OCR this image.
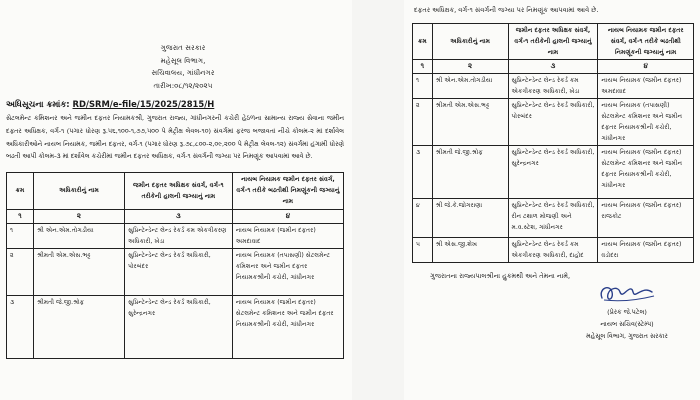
ગુજરાત સરકાર
મહેસૂલ વિભાગ,
સચિવાલય, ગાંધીનગર
તારીખ:૦૮/૧૨/૨૦૨૫
અધિસૂચના ક્રમાંક: RD/SRM/e-file/15/2025/2815/H
સેટલમેન્ટ કમિશનર અને જમીન દફતર નિયામકશ્રી, ગુજરાત રાજ્ય, ગાંધીનગરની કચેરી હેઠળના સામાન્ય રાજ્ય સેવાના જમીન દફતર અધિક્ષક, વર્ગ-૧ (પગાર ધોરણ રૂ.૫૬,૧૦૦-૧,૭૭,૫૦૦ પે મેટ્રીક્ષ લેવલ-૧૦) સંવર્ગમાં ફરજ બજાવતાં નીચે કોલમ-૨ માં દર્શાવેલ અધિકારીઓને નાયબ નિયામક, જમીન દફતર, વર્ગ-૧ (પગાર ધોરણ રૂ.૭૮,૮૦૦-૨,૦૯,૨૦૦ પે મેટ્રીક્ષ લેવલ-૧૨) સંવર્ગમાં હંગામી ધોરણે બઢતી આપી કોલમ-૩ માં દર્શાવેલ કચેરીમાં જમીન દફતર અધિક્ષક, વર્ગ-૧ સંવર્ગની જગ્યા પર નિમણૂંક આપવામાં આવે છે.
ક્રમ	અધિકારીનું નામ	જમીન દફતર અધિક્ષક સંવર્ગ, વર્ગ-૧ તરીકેની હાલની જગ્યાનું નામ	નાયબ નિયામક જમીન દફતર સંવર્ગ, વર્ગ-૧ તરીકે બઢતીથી નિમણૂંકની જગ્યાનું નામ
૧	૨	૩	૪
૧	શ્રી એન.એમ.તોગડીયા	સુપ્રિન્ટેન્ડેન્ટ લેન્ડ રેકર્ડ કમ એકત્રીકરણ અધિકારી, ખેડા	નાયબ નિયામક (જમીન દફતર) અમદાવાદ
૨	શ્રીમતી એમ.એસ.ભટ્ટ	સુપ્રિન્ટેન્ડેન્ટ લેન્ડ રેકર્ડ અધિકારી, પોરબંદર	નાયબ નિયામક (તપાસણી) સેટલમેન્ટ કમિશનર અને જમીન દફતર નિયામકશ્રીની કચેરી, ગાંધીનગર
૩	શ્રીમતી જે.જી.શ્રોફ	સુપ્રિન્ટેન્ડેન્ટ લેન્ડ રેકર્ડ અધિકારી, સુરેન્દ્રનગર	નાયબ નિયામક (જમીન દફતર) સેટલમેન્ટ કમિશનર અને જમીન દફતર નિયામકશ્રીની કચેરી, ગાંધીનગર
દફતર અધિક્ષક, વર્ગ-૧ સંવર્ગની જગ્યા પર નિમણૂંક આપવામાં આવે છે.
ક્રમ	અધિકારીનું નામ	જમીન દફતર અધિક્ષક સંવર્ગ, વર્ગ-૧ તરીકેની હાલની જગ્યાનું નામ	નાયબ નિયામક જમીન દફતર સંવર્ગ, વર્ગ-૧ તરીકે બઢતીથી નિમણૂંકની જગ્યાનું નામ
૧	૨	૩	૪
૧	શ્રી એન.એમ.તોગડીયા	સુપ્રિન્ટેન્ડેન્ટ લેન્ડ રેકર્ડ કમ એકત્રીકરણ અધિકારી, ખેડા	નાયબ નિયામક (જમીન દફતર) અમદાવાદ
૨	શ્રીમતી એમ.એસ.ભટ્ટ	સુપ્રિન્ટેન્ડેન્ટ લેન્ડ રેકર્ડ અધિકારી, પોરબંદર	નાયબ નિયામક (તપાસણી) સેટલમેન્ટ કમિશનર અને જમીન દફતર નિયામકશ્રીની કચેરી, ગાંધીનગર
૩	શ્રીમતી જે.જી.શ્રોફ	સુપ્રિન્ટેન્ડેન્ટ લેન્ડ રેકર્ડ અધિકારી, સુરેન્દ્રનગર	નાયબ નિયામક (જમીન દફતર) સેટલમેન્ટ કમિશનર અને જમીન દફતર નિયામકશ્રીની કચેરી, ગાંધીનગર
૪	શ્રી જે.કે.જોગરાણા	સુપ્રિન્ટેન્ડેન્ટ લેન્ડ રેકર્ડ અધિકારી, રીન ટથાળ મોજણી અને મ.વ.સ્ટેશ, ગાંધીનગર	નાયબ નિયામક (જમીન દફતર) રાજકોટ
૫	શ્રી એસ.જી.શેખ	સુપ્રિન્ટેન્ડેન્ટ લેન્ડ રેકર્ડ કમ એકત્રીકરણ અધિકારી, દાહોદ	નાયબ નિયામક (જમીન દફતર) વડોદરા
ગુજરાતના રાજ્યપાલશ્રીના હુકમથી અને તેમના નામે,
(પ્રેરક જે.પટેલ)
નાયબ સચિવ(સ્ટેમ્પ)
મહેસૂલ વિભાગ, ગુજરાત સરકાર
